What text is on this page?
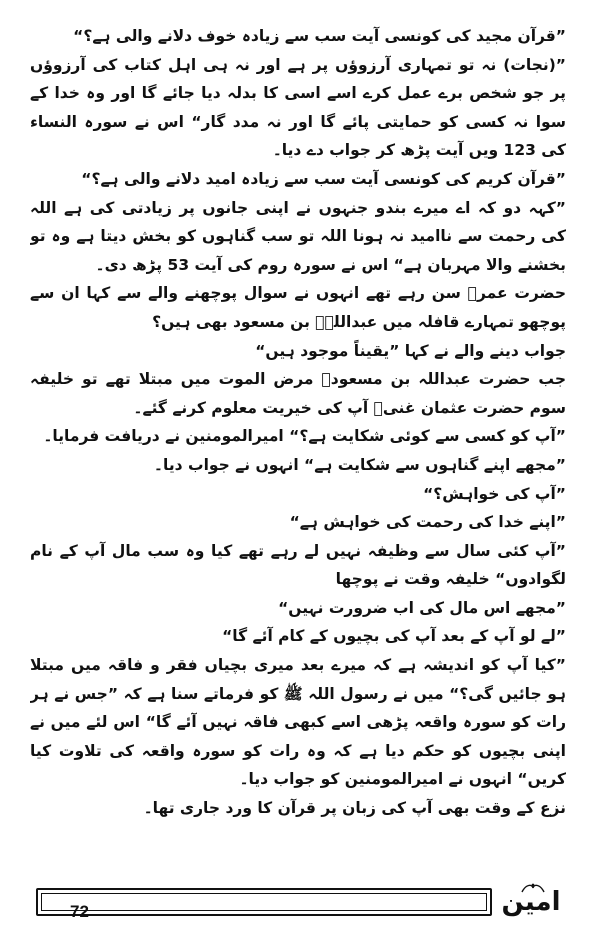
”قرآن مجید کی کونسی آیت سب سے زیادہ خوف دلانے والی ہے؟“

”(نجات) نہ تو تمہاری آرزوؤں پر ہے اور نہ ہی اہل کتاب کی آرزوؤں پر جو شخص برے عمل کرے اسے اسی کا بدلہ دیا جائے گا اور وہ خدا کے سوا نہ کسی کو حمایتی پائے گا اور نہ مدد گار“ اس نے سورہ النساء کی 123 ویں آیت پڑھ کر جواب دے دیا۔

”قرآن کریم کی کونسی آیت سب سے زیادہ امید دلانے والی ہے؟“

”کہہ دو کہ اے میرے بندو جنہوں نے اپنی جانوں پر زیادتی کی ہے اللہ کی رحمت سے ناامید نہ ہونا اللہ تو سب گناہوں کو بخش دیتا ہے وہ تو بخشنے والا مہربان ہے“ اس نے سورہ روم کی آیت 53 پڑھ دی۔

حضرت عمرؓ سن رہے تھے انہوں نے سوال پوچھنے والے سے کہا ان سے پوچھو تمہارے قافلہ میں عبداللہؓ بن مسعود بھی ہیں؟

جواب دینے والے نے کہا ”یقیناً موجود ہیں“

جب حضرت عبداللہ بن مسعودؓ مرض الموت میں مبتلا تھے تو خلیفہ سوم حضرت عثمان غنیؓ آپ کی خیریت معلوم کرنے گئے۔

”آپ کو کسی سے کوئی شکایت ہے؟“ امیرالمومنین نے دریافت فرمایا۔

”مجھے اپنے گناہوں سے شکایت ہے“ انہوں نے جواب دیا۔

”آپ کی خواہش؟“

”اپنے خدا کی رحمت کی خواہش ہے“

”آپ کئی سال سے وظیفہ نہیں لے رہے تھے کیا وہ سب مال آپ کے نام لگوادوں“ خلیفہ وقت نے پوچھا

”مجھے اس مال کی اب ضرورت نہیں“

”لے لو آپ کے بعد آپ کی بچیوں کے کام آئے گا“

”کیا آپ کو اندیشہ ہے کہ میرے بعد میری بچیاں فقر و فاقہ میں مبتلا ہو جائیں گی؟“ میں نے رسول اللہ ﷺ کو فرماتے سنا ہے کہ ”جس نے ہر رات کو سورہ واقعہ پڑھی اسے کبھی فاقہ نہیں آئے گا“ اس لئے میں نے اپنی بچیوں کو حکم دیا ہے کہ وہ رات کو سورہ واقعہ کی تلاوت کیا کریں“ انہوں نے امیرالمومنین کو جواب دیا۔

نزع کے وقت بھی آپ کی زبان پر قرآن کا ورد جاری تھا۔

72	امین
